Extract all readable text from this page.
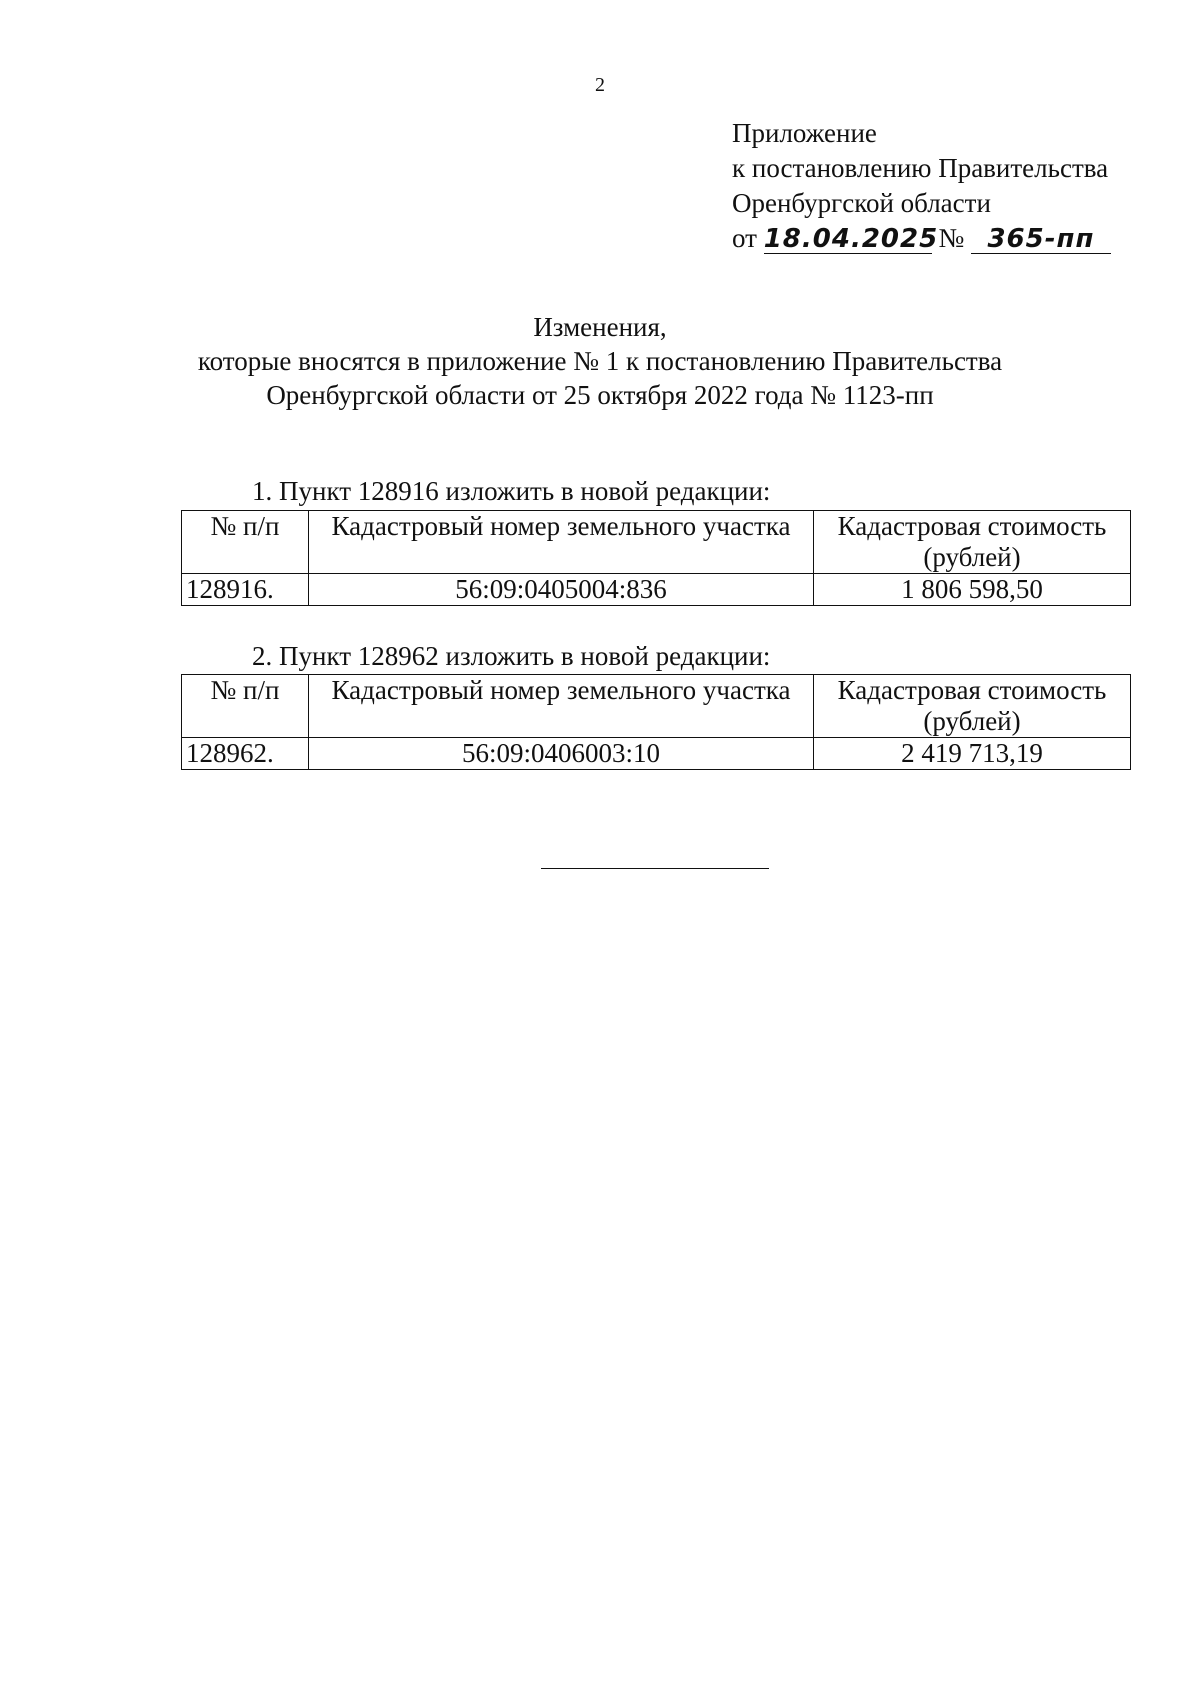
2
Приложение
к постановлению Правительства
Оренбургской области
от 18.04.2025 № 365-пп
Изменения,
которые вносятся в приложение № 1 к постановлению Правительства
Оренбургской области от 25 октября 2022 года № 1123-пп
1. Пункт 128916 изложить в новой редакции:
№ п/п	Кадастровый номер земельного участка	Кадастровая стоимость
(рублей)

128916.	56:09:0405004:836	1 806 598,50
2. Пункт 128962 изложить в новой редакции:
№ п/п	Кадастровый номер земельного участка	Кадастровая стоимость
(рублей)

128962.	56:09:0406003:10	2 419 713,19
